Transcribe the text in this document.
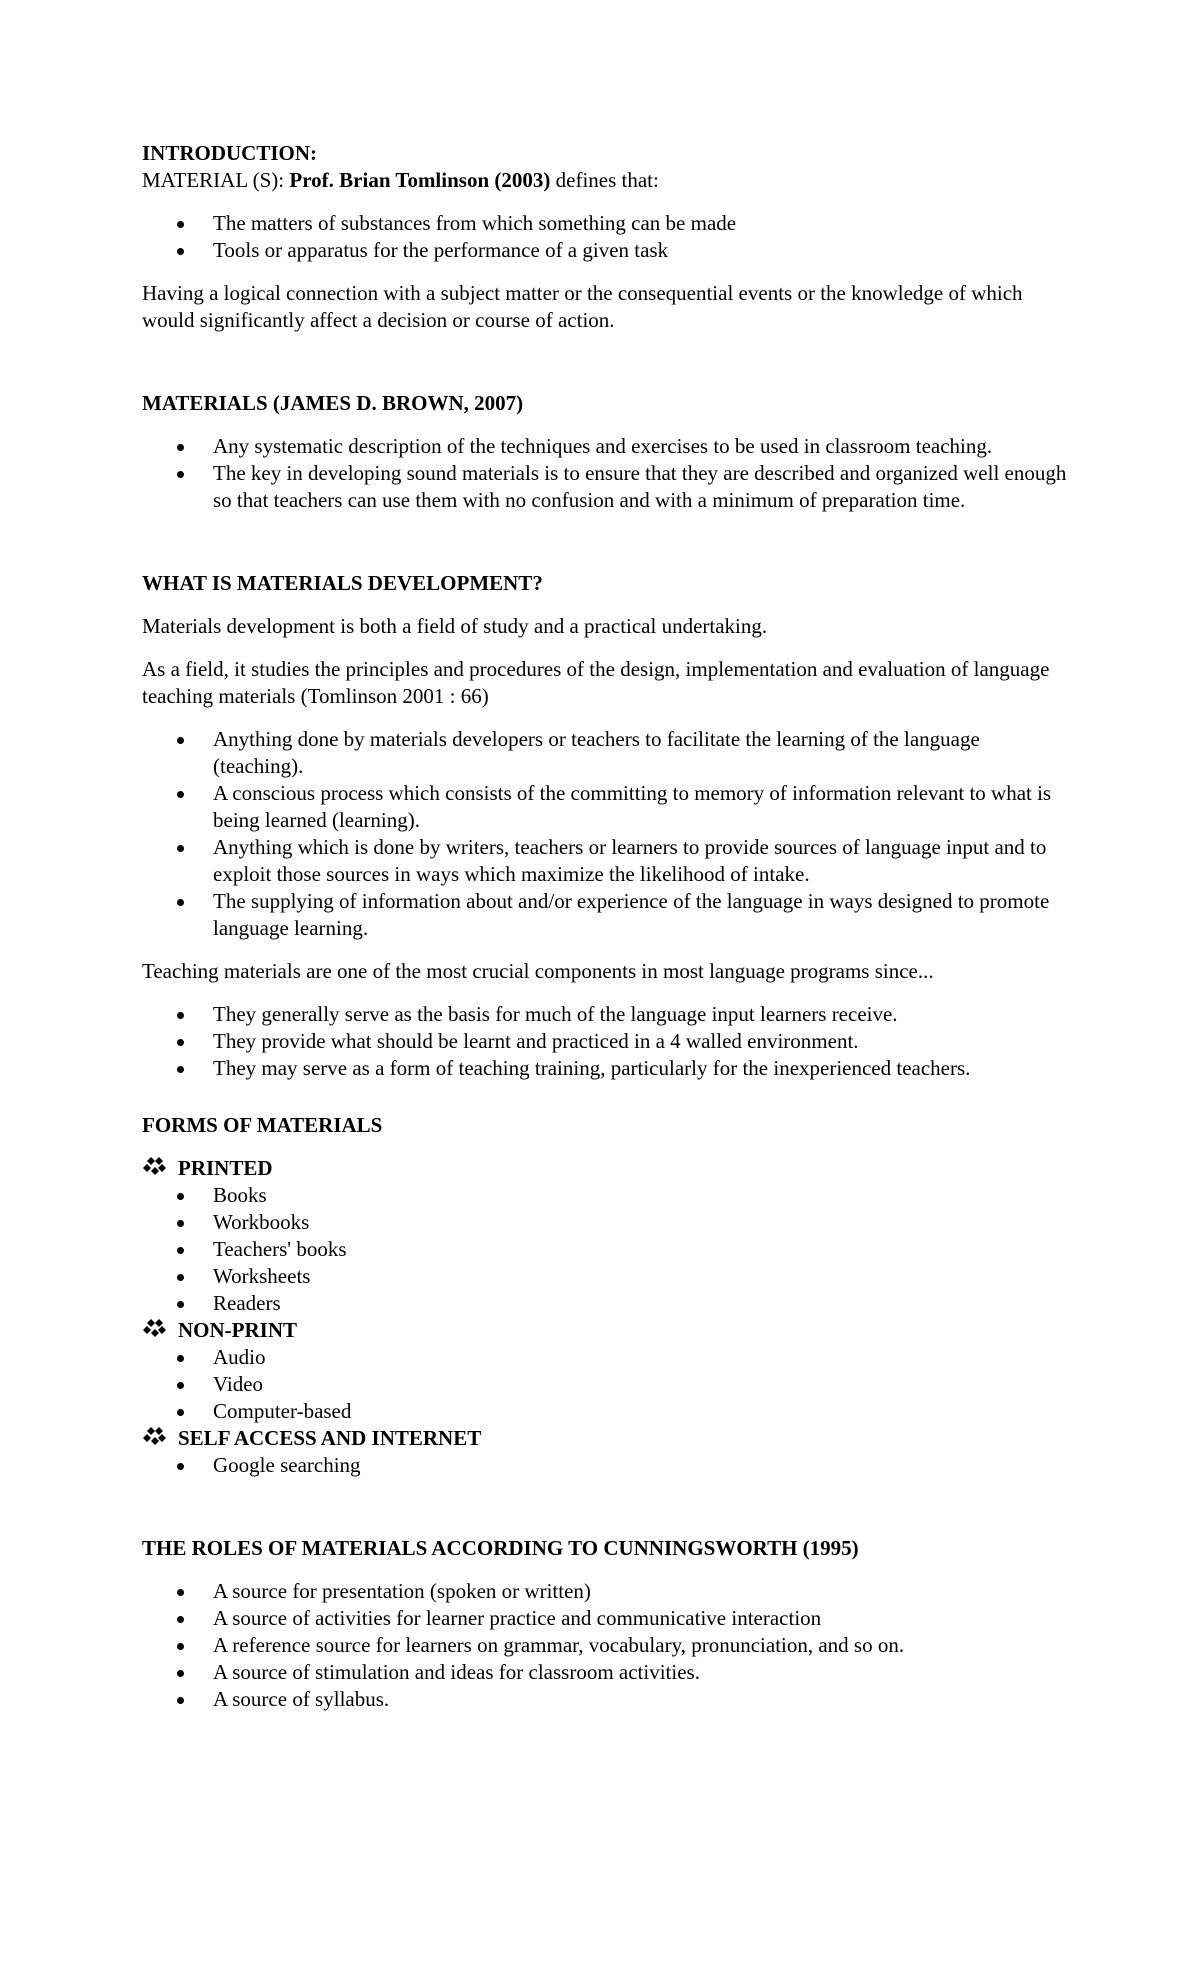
INTRODUCTION:

MATERIAL (S): Prof. Brian Tomlinson (2003) defines that:

The matters of substances from which something can be made
Tools or apparatus for the performance of a given task

Having a logical connection with a subject matter or the consequential events or the knowledge of which would significantly affect a decision or course of action.

MATERIALS (JAMES D. BROWN, 2007)

Any systematic description of the techniques and exercises to be used in classroom teaching.
The key in developing sound materials is to ensure that they are described and organized well enough so that teachers can use them with no confusion and with a minimum of preparation time.

WHAT IS MATERIALS DEVELOPMENT?

Materials development is both a field of study and a practical undertaking.

As a field, it studies the principles and procedures of the design, implementation and evaluation of language teaching materials (Tomlinson 2001 : 66)

Anything done by materials developers or teachers to facilitate the learning of the language (teaching).
A conscious process which consists of the committing to memory of information relevant to what is being learned (learning).
Anything which is done by writers, teachers or learners to provide sources of language input and to exploit those sources in ways which maximize the likelihood of intake.
The supplying of information about and/or experience of the language in ways designed to promote language learning.

Teaching materials are one of the most crucial components in most language programs since...

They generally serve as the basis for much of the language input learners receive.
They provide what should be learnt and practiced in a 4 walled environment.
They may serve as a form of teaching training, particularly for the inexperienced teachers.

FORMS OF MATERIALS

PRINTED
Books
Workbooks
Teachers' books
Worksheets
Readers
NON-PRINT
Audio
Video
Computer-based
SELF ACCESS AND INTERNET
Google searching

THE ROLES OF MATERIALS ACCORDING TO CUNNINGSWORTH (1995)

A source for presentation (spoken or written)
A source of activities for learner practice and communicative interaction
A reference source for learners on grammar, vocabulary, pronunciation, and so on.
A source of stimulation and ideas for classroom activities.
A source of syllabus.
